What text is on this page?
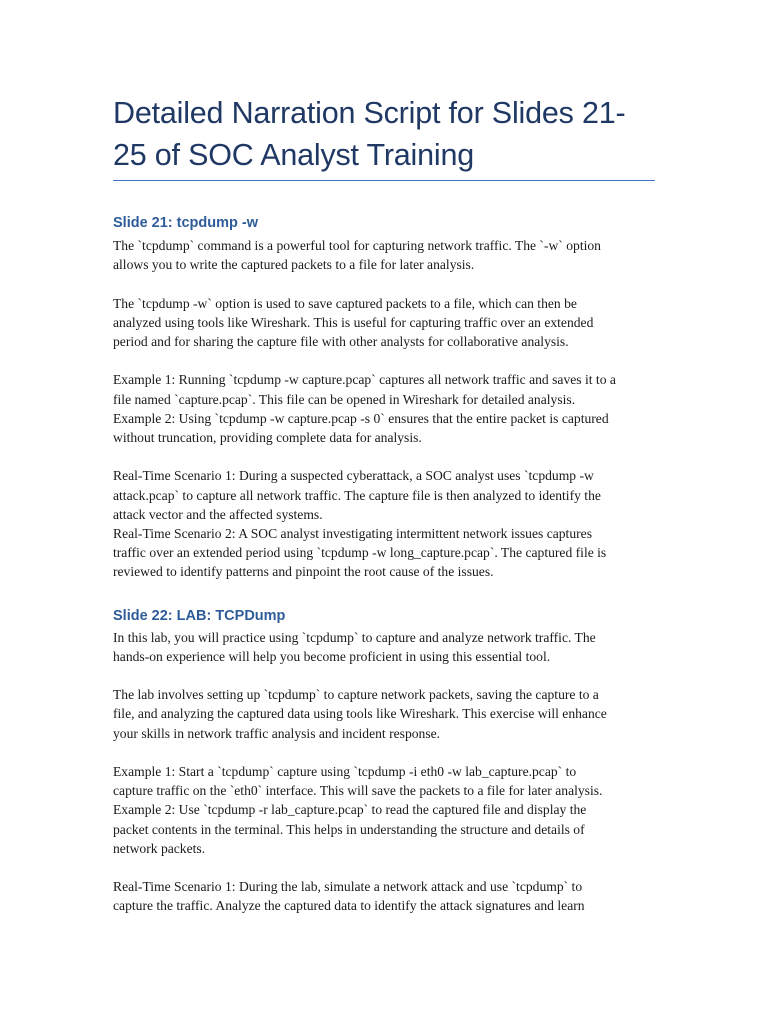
Detailed Narration Script for Slides 21-25 of SOC Analyst Training
Slide 21: tcpdump -w

The `tcpdump` command is a powerful tool for capturing network traffic. The `-w` option
allows you to write the captured packets to a file for later analysis.

The `tcpdump -w` option is used to save captured packets to a file, which can then be
analyzed using tools like Wireshark. This is useful for capturing traffic over an extended
period and for sharing the capture file with other analysts for collaborative analysis.

Example 1: Running `tcpdump -w capture.pcap` captures all network traffic and saves it to a
file named `capture.pcap`. This file can be opened in Wireshark for detailed analysis.
Example 2: Using `tcpdump -w capture.pcap -s 0` ensures that the entire packet is captured
without truncation, providing complete data for analysis.

Real-Time Scenario 1: During a suspected cyberattack, a SOC analyst uses `tcpdump -w
attack.pcap` to capture all network traffic. The capture file is then analyzed to identify the
attack vector and the affected systems.
Real-Time Scenario 2: A SOC analyst investigating intermittent network issues captures
traffic over an extended period using `tcpdump -w long_capture.pcap`. The captured file is
reviewed to identify patterns and pinpoint the root cause of the issues.

Slide 22: LAB: TCPDump

In this lab, you will practice using `tcpdump` to capture and analyze network traffic. The
hands-on experience will help you become proficient in using this essential tool.

The lab involves setting up `tcpdump` to capture network packets, saving the capture to a
file, and analyzing the captured data using tools like Wireshark. This exercise will enhance
your skills in network traffic analysis and incident response.

Example 1: Start a `tcpdump` capture using `tcpdump -i eth0 -w lab_capture.pcap` to
capture traffic on the `eth0` interface. This will save the packets to a file for later analysis.
Example 2: Use `tcpdump -r lab_capture.pcap` to read the captured file and display the
packet contents in the terminal. This helps in understanding the structure and details of
network packets.

Real-Time Scenario 1: During the lab, simulate a network attack and use `tcpdump` to
capture the traffic. Analyze the captured data to identify the attack signatures and learn
